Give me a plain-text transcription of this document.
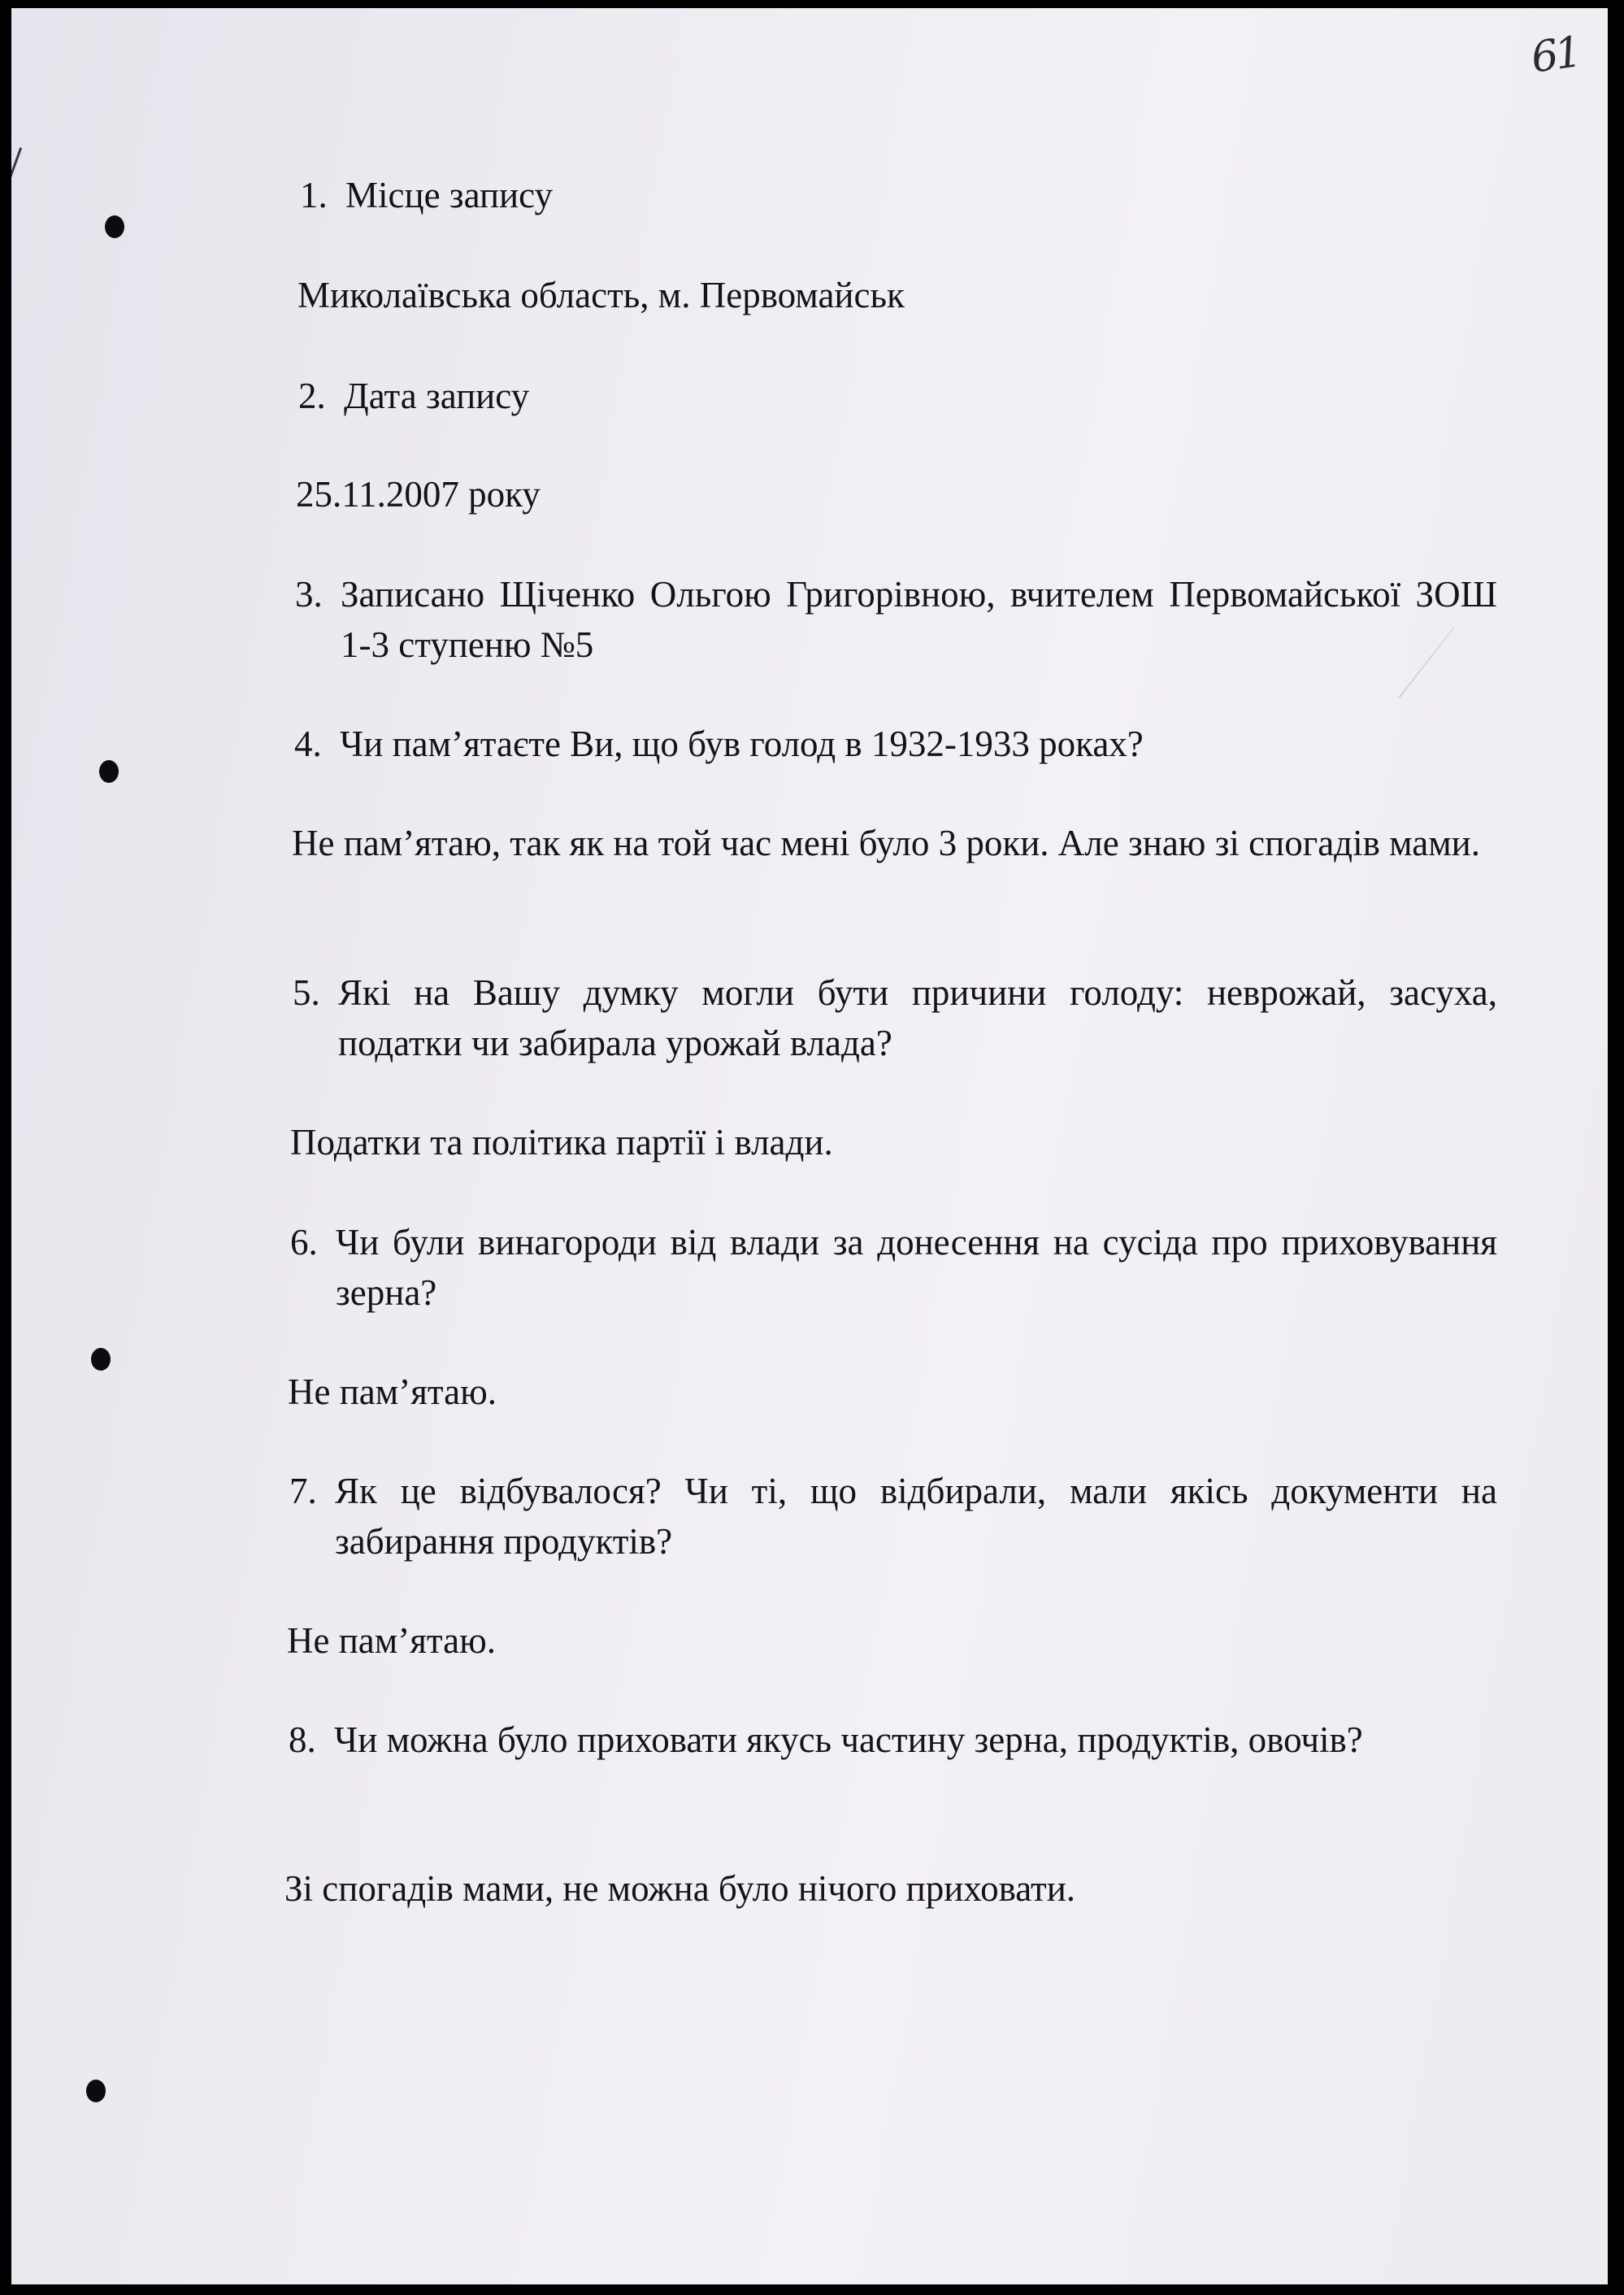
61
1. Місце запису
Миколаївська область, м. Первомайськ
2. Дата запису
25.11.2007 року
3. Записано Щіченко Ольгою Григорівною, вчителем Первомайської ЗОШ 1-3 ступеню №5
4. Чи пам’ятаєте Ви, що був голод в 1932-1933 роках?
Не пам’ятаю, так як на той час мені було 3 роки. Але знаю зі спогадів мами.
5. Які на Вашу думку могли бути причини голоду: неврожай, засуха, податки чи забирала урожай влада?
Податки та політика партії і влади.
6. Чи були винагороди від влади за донесення на сусіда про приховування зерна?
Не пам’ятаю.
7. Як це відбувалося? Чи ті, що відбирали, мали якісь документи на забирання продуктів?
Не пам’ятаю.
8. Чи можна було приховати якусь частину зерна, продуктів, овочів?
Зі спогадів мами, не можна було нічого приховати.
